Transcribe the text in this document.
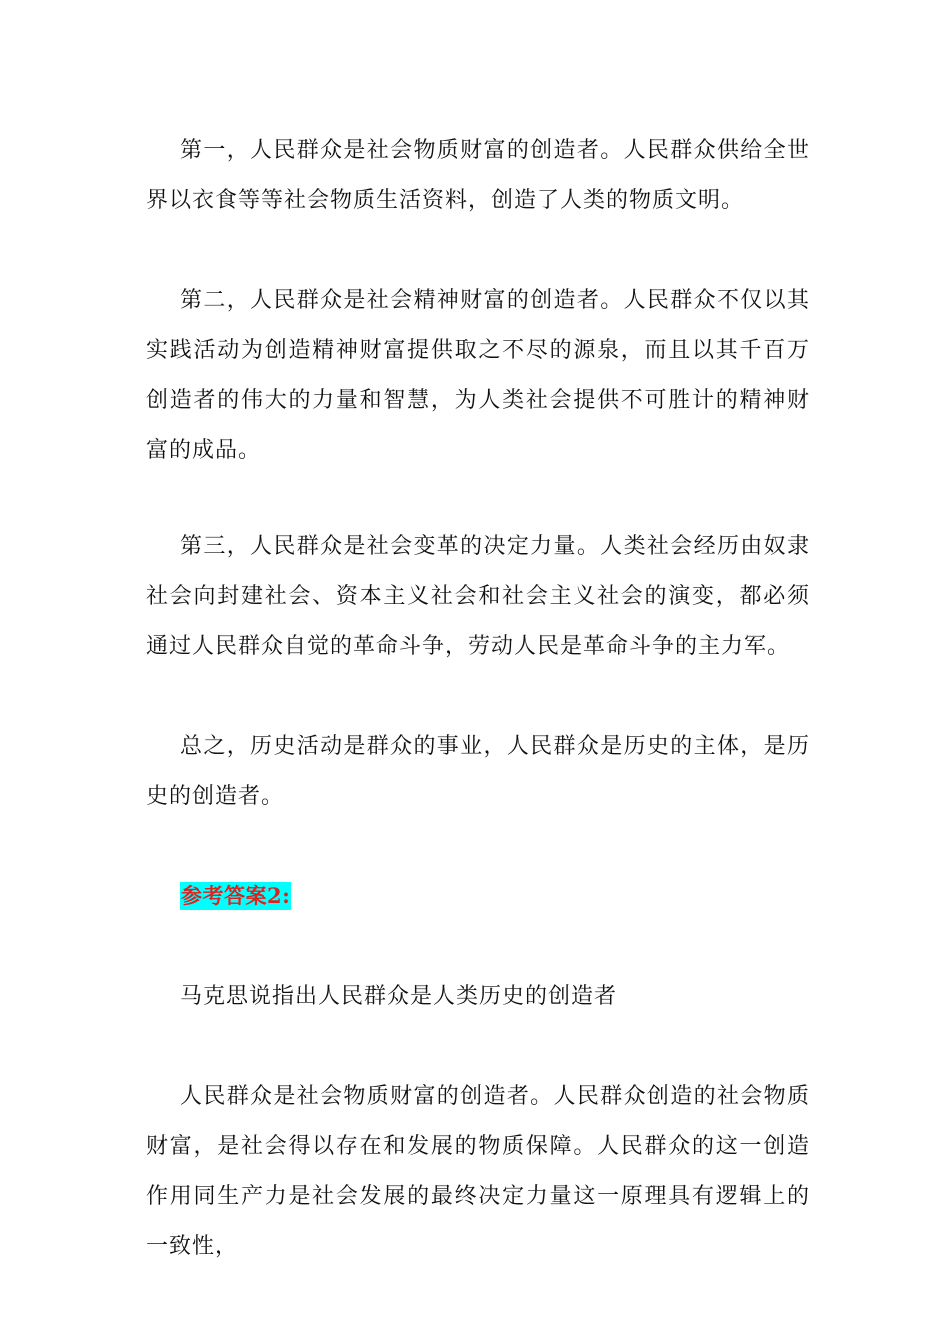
第一，人民群众是社会物质财富的创造者。人民群众供给全世界以衣食等等社会物质生活资料，创造了人类的物质文明。

第二，人民群众是社会精神财富的创造者。人民群众不仅以其实践活动为创造精神财富提供取之不尽的源泉，而且以其千百万创造者的伟大的力量和智慧，为人类社会提供不可胜计的精神财富的成品。

第三，人民群众是社会变革的决定力量。人类社会经历由奴隶社会向封建社会、资本主义社会和社会主义社会的演变，都必须通过人民群众自觉的革命斗争，劳动人民是革命斗争的主力军。

总之，历史活动是群众的事业，人民群众是历史的主体，是历史的创造者。

参考答案2:

马克思说指出人民群众是人类历史的创造者

人民群众是社会物质财富的创造者。人民群众创造的社会物质财富，是社会得以存在和发展的物质保障。人民群众的这一创造作用同生产力是社会发展的最终决定力量这一原理具有逻辑上的一致性，
